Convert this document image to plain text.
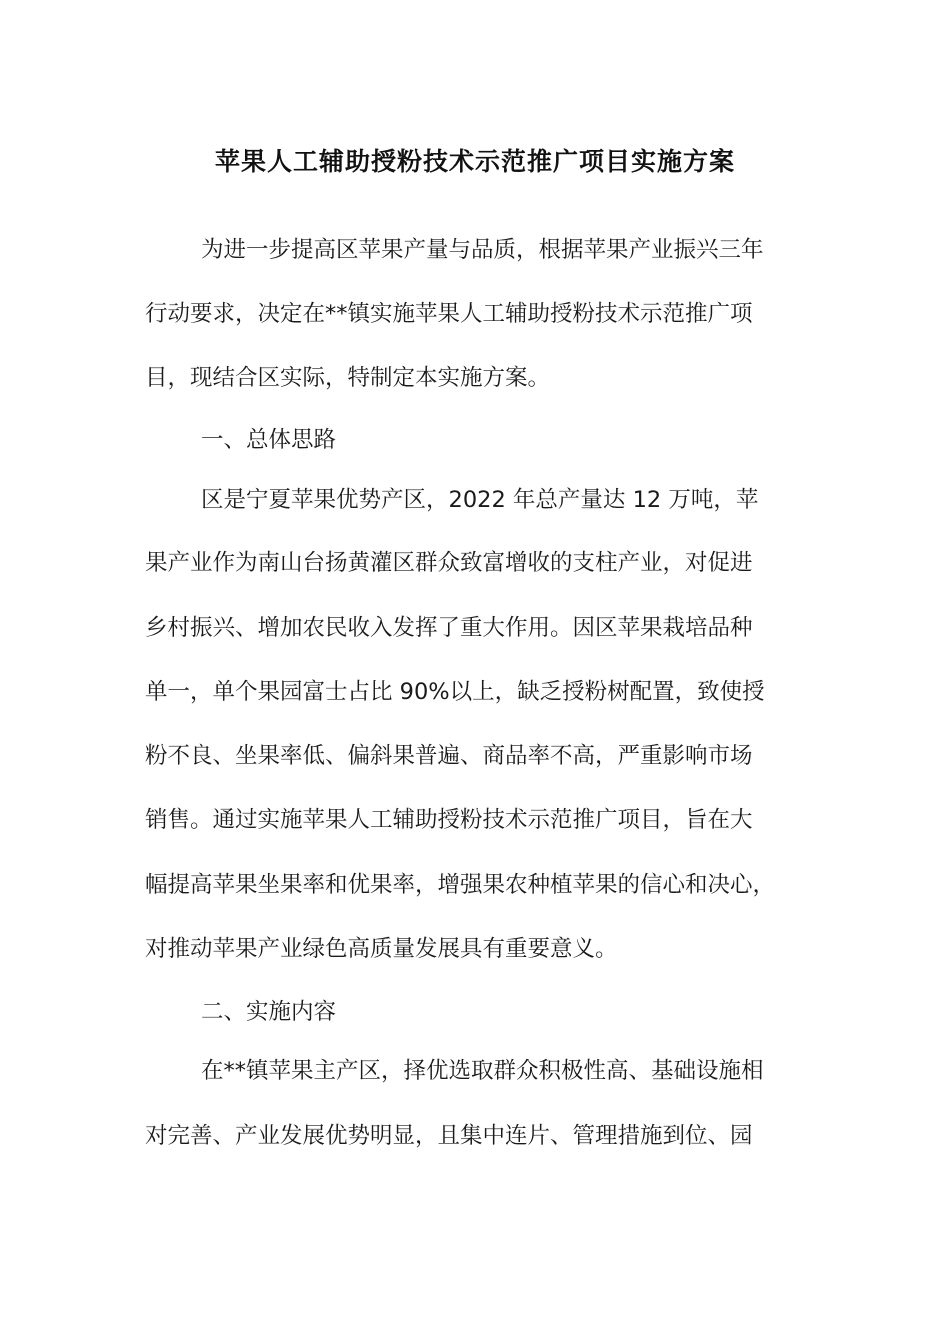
苹果人工辅助授粉技术示范推广项目实施方案
为进一步提高区苹果产量与品质，根据苹果产业振兴三年
行动要求，决定在**镇实施苹果人工辅助授粉技术示范推广项
目，现结合区实际，特制定本实施方案。
一、总体思路
区是宁夏苹果优势产区，2022 年总产量达 12 万吨，苹
果产业作为南山台扬黄灌区群众致富增收的支柱产业，对促进
乡村振兴、增加农民收入发挥了重大作用。因区苹果栽培品种
单一，单个果园富士占比 90%以上，缺乏授粉树配置，致使授
粉不良、坐果率低、偏斜果普遍、商品率不高，严重影响市场
销售。通过实施苹果人工辅助授粉技术示范推广项目，旨在大
幅提高苹果坐果率和优果率，增强果农种植苹果的信心和决心，
对推动苹果产业绿色高质量发展具有重要意义。
二、实施内容
在**镇苹果主产区，择优选取群众积极性高、基础设施相
对完善、产业发展优势明显，且集中连片、管理措施到位、园
